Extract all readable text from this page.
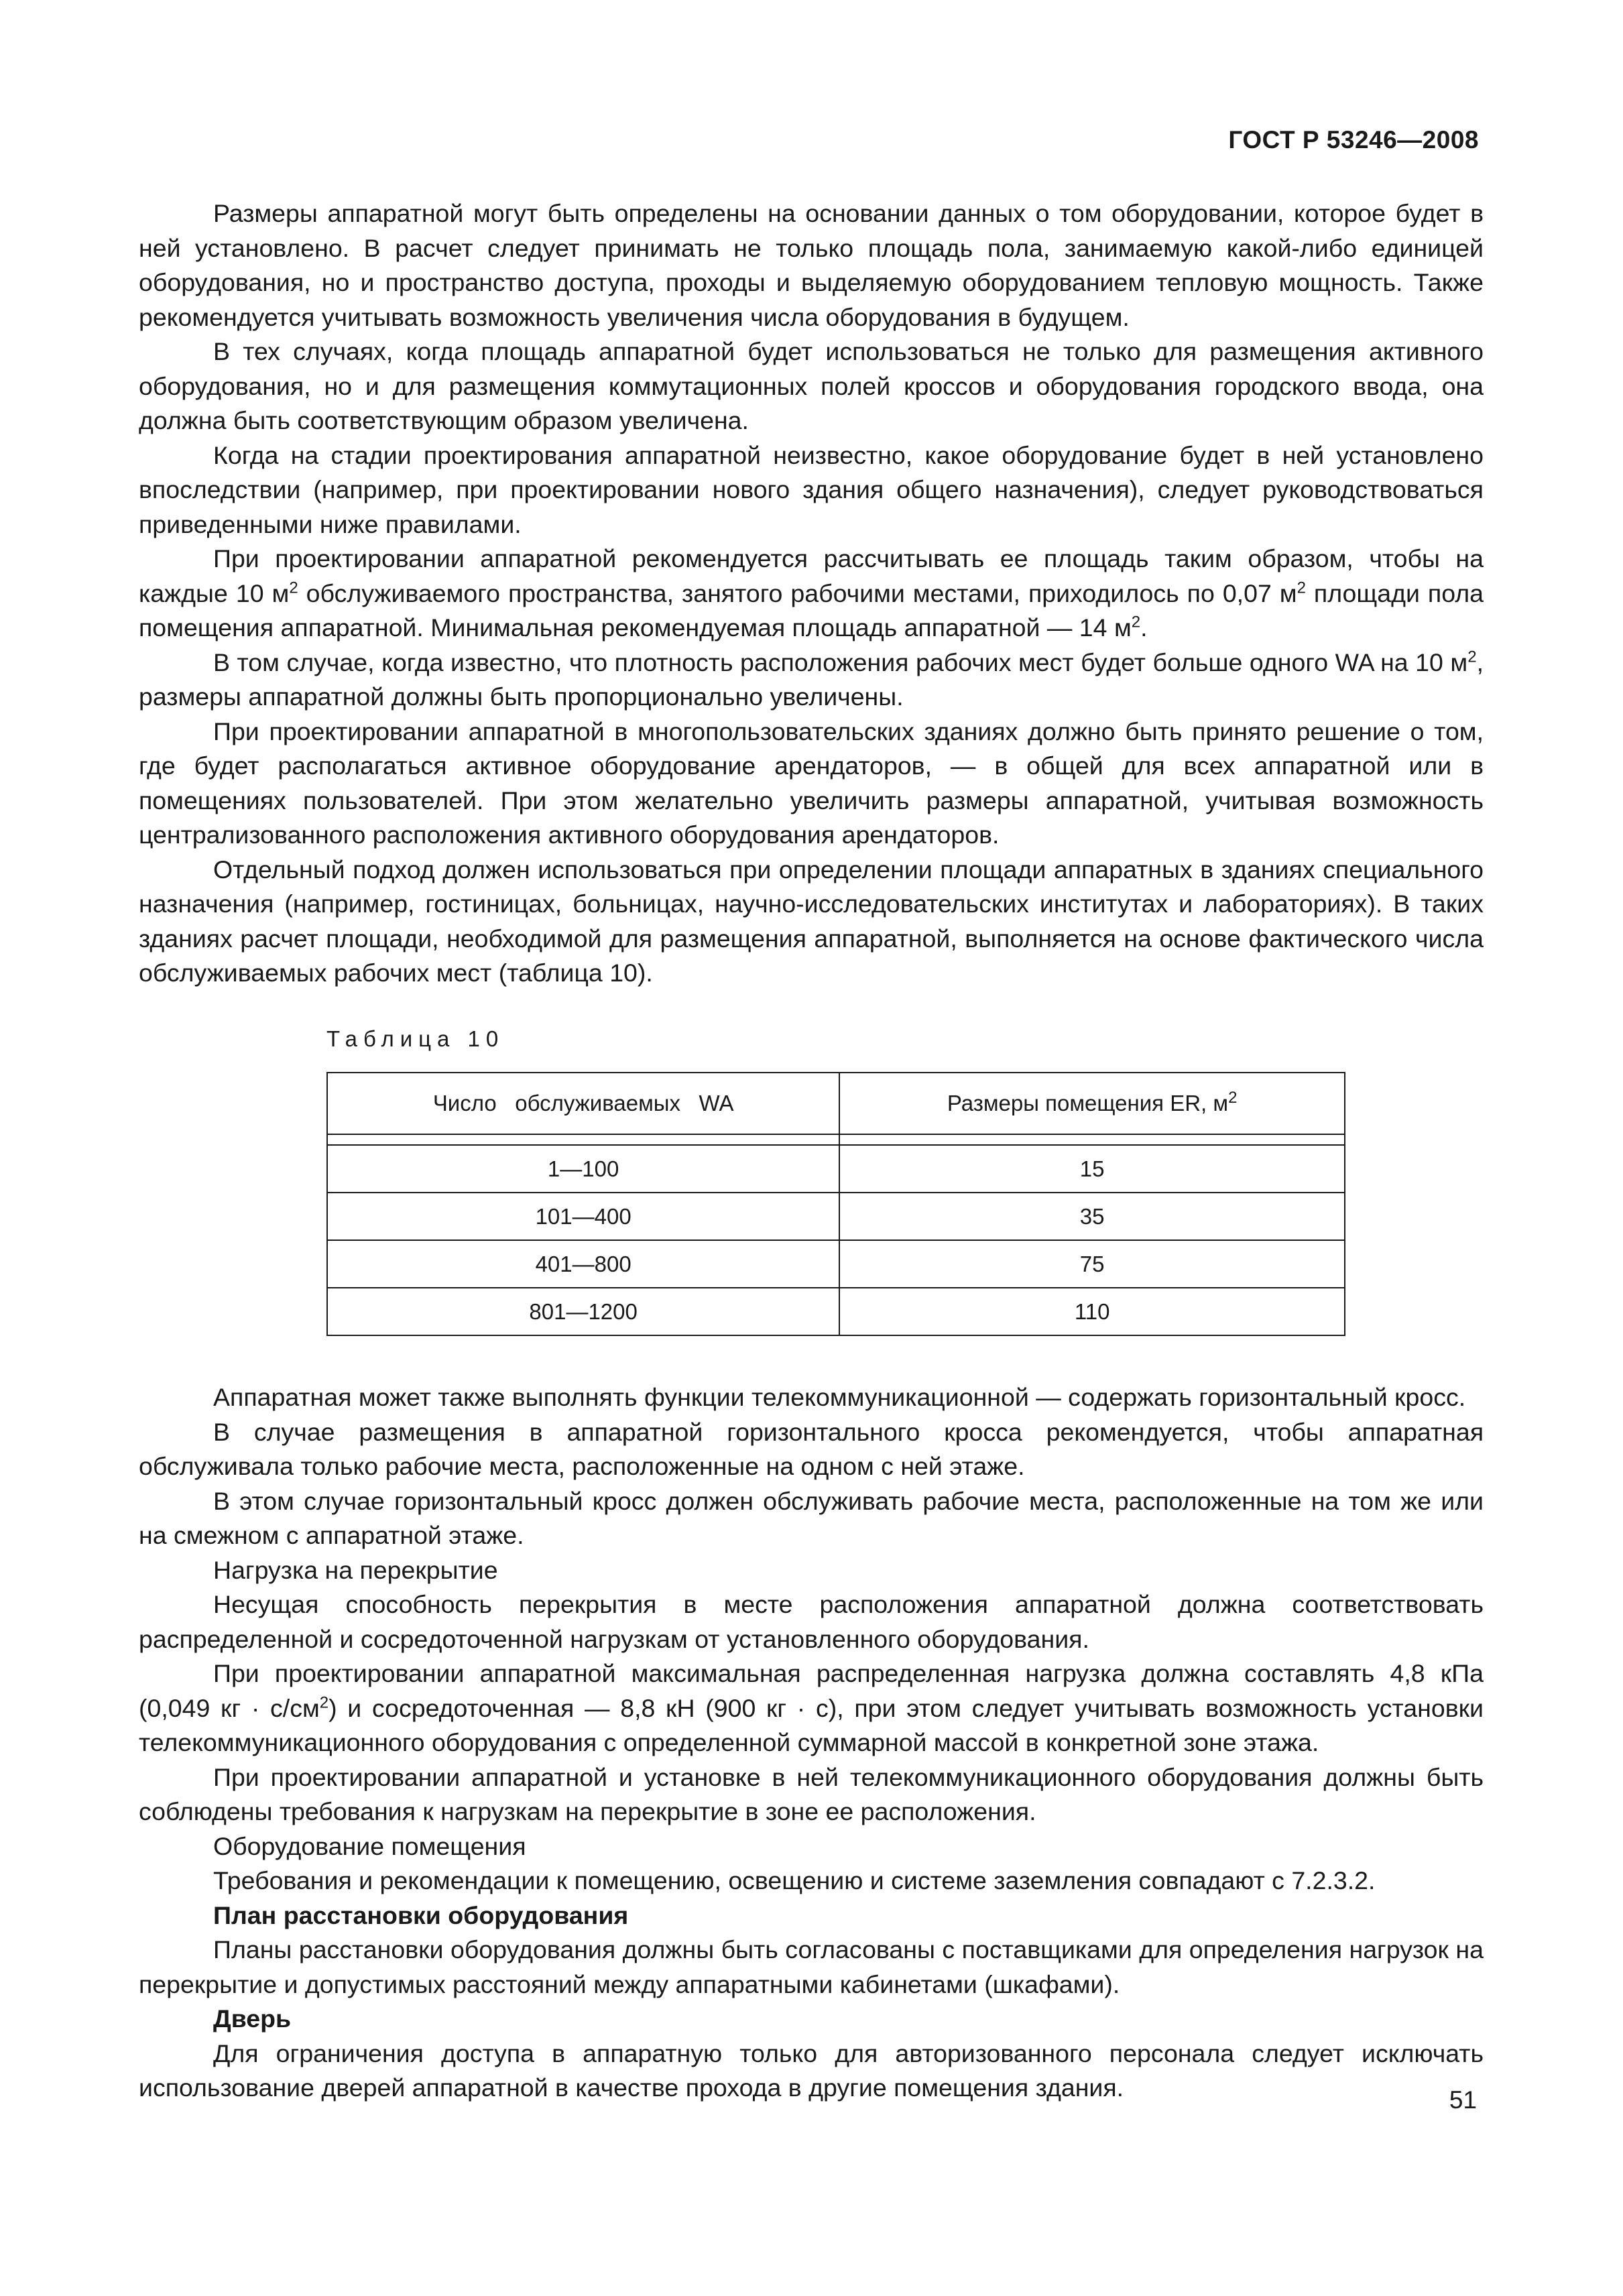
ГОСТ Р 53246—2008

Размеры аппаратной могут быть определены на основании данных о том оборудовании, которое будет в ней установлено. В расчет следует принимать не только площадь пола, занимаемую какой-либо единицей оборудования, но и пространство доступа, проходы и выделяемую оборудованием тепловую мощность. Также рекомендуется учитывать возможность увеличения числа оборудования в будущем.

В тех случаях, когда площадь аппаратной будет использоваться не только для размещения активного оборудования, но и для размещения коммутационных полей кроссов и оборудования городского ввода, она должна быть соответствующим образом увеличена.

Когда на стадии проектирования аппаратной неизвестно, какое оборудование будет в ней установлено впоследствии (например, при проектировании нового здания общего назначения), следует руководствоваться приведенными ниже правилами.

При проектировании аппаратной рекомендуется рассчитывать ее площадь таким образом, чтобы на каждые 10 $м^2$ обслуживаемого пространства, занятого рабочими местами, приходилось по 0,07 $м^2$ площади пола помещения аппаратной. Минимальная рекомендуемая площадь аппаратной — 14 $м^2$.

В том случае, когда известно, что плотность расположения рабочих мест будет больше одного WA на 10 $м^2$, размеры аппаратной должны быть пропорционально увеличены.

При проектировании аппаратной в многопользовательских зданиях должно быть принято решение о том, где будет располагаться активное оборудование арендаторов, — в общей для всех аппаратной или в помещениях пользователей. При этом желательно увеличить размеры аппаратной, учитывая возможность централизованного расположения активного оборудования арендаторов.

Отдельный подход должен использоваться при определении площади аппаратных в зданиях специального назначения (например, гостиницах, больницах, научно-исследовательских институтах и лабораториях). В таких зданиях расчет площади, необходимой для размещения аппаратной, выполняется на основе фактического числа обслуживаемых рабочих мест (таблица 10).

Таблица 10
Число   обслуживаемых   WA	Размеры помещения ER, $м^2$

1—100	15
101—400	35
401—800	75
801—1200	110

Аппаратная может также выполнять функции телекоммуникационной — содержать горизонтальный кросс.

В случае размещения в аппаратной горизонтального кросса рекомендуется, чтобы аппаратная обслуживала только рабочие места, расположенные на одном с ней этаже.

В этом случае горизонтальный кросс должен обслуживать рабочие места, расположенные на том же или на смежном с аппаратной этаже.

Нагрузка на перекрытие

Несущая способность перекрытия в месте расположения аппаратной должна соответствовать распределенной и сосредоточенной нагрузкам от установленного оборудования.

При проектировании аппаратной максимальная распределенная нагрузка должна составлять 4,8 кПа (0,049 кг · $с/см^2$) и сосредоточенная — 8,8 кН (900 кг · с), при этом следует учитывать возможность установки телекоммуникационного оборудования с определенной суммарной массой в конкретной зоне этажа.

При проектировании аппаратной и установке в ней телекоммуникационного оборудования должны быть соблюдены требования к нагрузкам на перекрытие в зоне ее расположения.

Оборудование помещения

Требования и рекомендации к помещению, освещению и системе заземления совпадают с 7.2.3.2.

План расстановки оборудования

Планы расстановки оборудования должны быть согласованы с поставщиками для определения нагрузок на перекрытие и допустимых расстояний между аппаратными кабинетами (шкафами).

Дверь

Для ограничения доступа в аппаратную только для авторизованного персонала следует исключать использование дверей аппаратной в качестве прохода в другие помещения здания.	51
